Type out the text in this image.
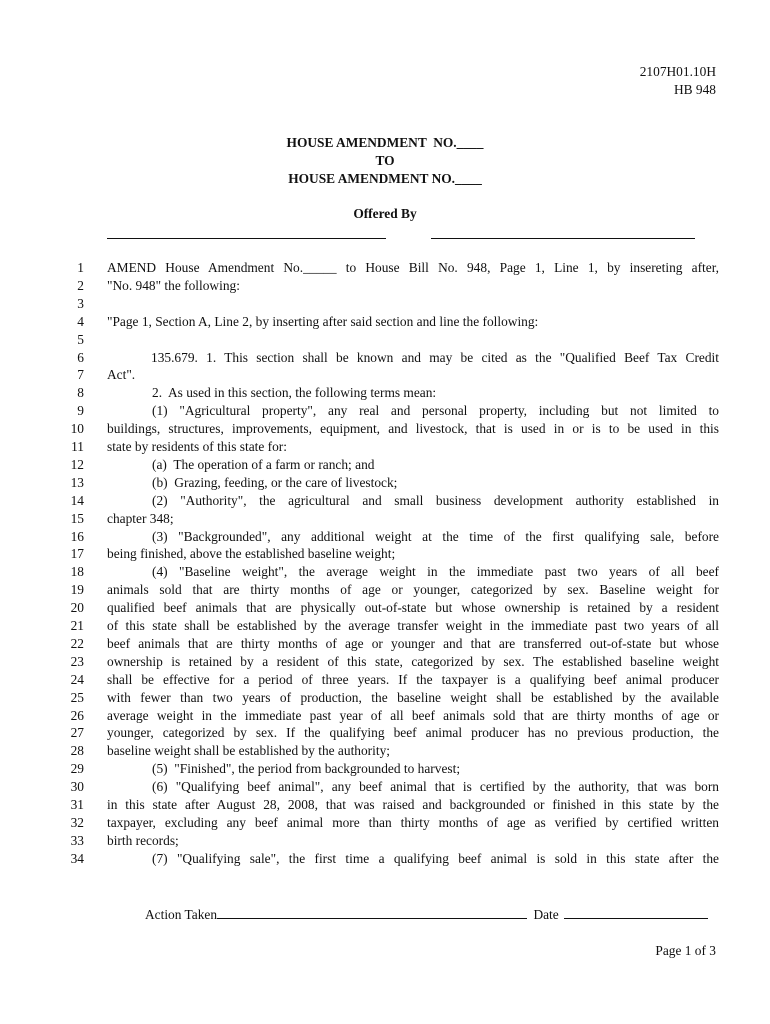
2107H01.10H
HB 948
HOUSE AMENDMENT  NO.____
TO
HOUSE AMENDMENT NO.____
Offered By
1 AMEND House Amendment No._____ to House Bill No. 948, Page 1, Line 1, by insereting after,
2 "No. 948" the following:
3
4 "Page 1, Section A, Line 2, by inserting after said section and line the following:
5
6	135.679. 1. This section shall be known and may be cited as the "Qualified Beef Tax Credit
7 Act".
8	2.  As used in this section, the following terms mean:
9	(1) "Agricultural property", any real and personal property, including but not limited to
10 buildings, structures, improvements, equipment, and livestock, that is used in or is to be used in this
11 state by residents of this state for:
12	(a)  The operation of a farm or ranch; and
13	(b)  Grazing, feeding, or the care of livestock;
14	(2) "Authority", the agricultural and small business development authority established in
15 chapter 348;
16	(3) "Backgrounded", any additional weight at the time of the first qualifying sale, before
17 being finished, above the established baseline weight;
18	(4) "Baseline weight", the average weight in the immediate past two years of all beef
19 animals sold that are thirty months of age or younger, categorized by sex. Baseline weight for
20 qualified beef animals that are physically out-of-state but whose ownership is retained by a resident
21 of this state shall be established by the average transfer weight in the immediate past two years of all
22 beef animals that are thirty months of age or younger and that are transferred out-of-state but whose
23 ownership is retained by a resident of this state, categorized by sex. The established baseline weight
24 shall be effective for a period of three years. If the taxpayer is a qualifying beef animal producer
25 with fewer than two years of production, the baseline weight shall be established by the available
26 average weight in the immediate past year of all beef animals sold that are thirty months of age or
27 younger, categorized by sex. If the qualifying beef animal producer has no previous production, the
28 baseline weight shall be established by the authority;
29	(5)  "Finished", the period from backgrounded to harvest;
30	(6) "Qualifying beef animal", any beef animal that is certified by the authority, that was born
31 in this state after August 28, 2008, that was raised and backgrounded or finished in this state by the
32 taxpayer, excluding any beef animal more than thirty months of age as verified by certified written
33 birth records;
34	(7) "Qualifying sale", the first time a qualifying beef animal is sold in this state after the
Action Taken	Date
Page 1 of 3
